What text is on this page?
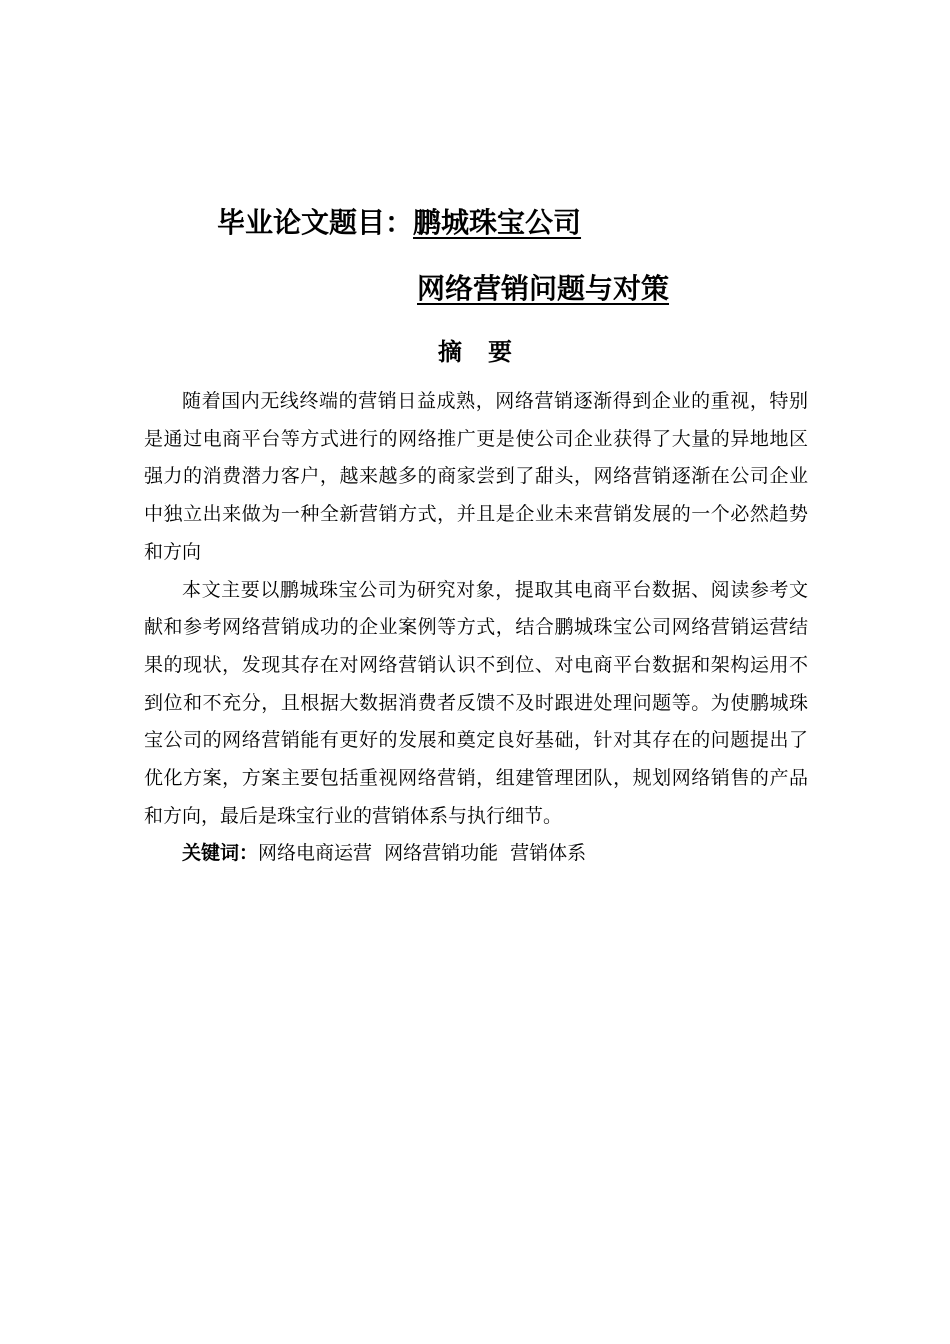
毕业论文题目：鹏城珠宝公司
网络营销问题与对策
摘 要

随着国内无线终端的营销日益成熟，网络营销逐渐得到企业的重视，特别是通过电商平台等方式进行的网络推广更是使公司企业获得了大量的异地地区强力的消费潜力客户，越来越多的商家尝到了甜头，网络营销逐渐在公司企业中独立出来做为一种全新营销方式，并且是企业未来营销发展的一个必然趋势和方向

本文主要以鹏城珠宝公司为研究对象，提取其电商平台数据、阅读参考文献和参考网络营销成功的企业案例等方式，结合鹏城珠宝公司网络营销运营结果的现状，发现其存在对网络营销认识不到位、对电商平台数据和架构运用不到位和不充分，且根据大数据消费者反馈不及时跟进处理问题等。为使鹏城珠宝公司的网络营销能有更好的发展和奠定良好基础，针对其存在的问题提出了优化方案，方案主要包括重视网络营销，组建管理团队，规划网络销售的产品和方向，最后是珠宝行业的营销体系与执行细节。

关键词：网络电商运营  网络营销功能  营销体系
